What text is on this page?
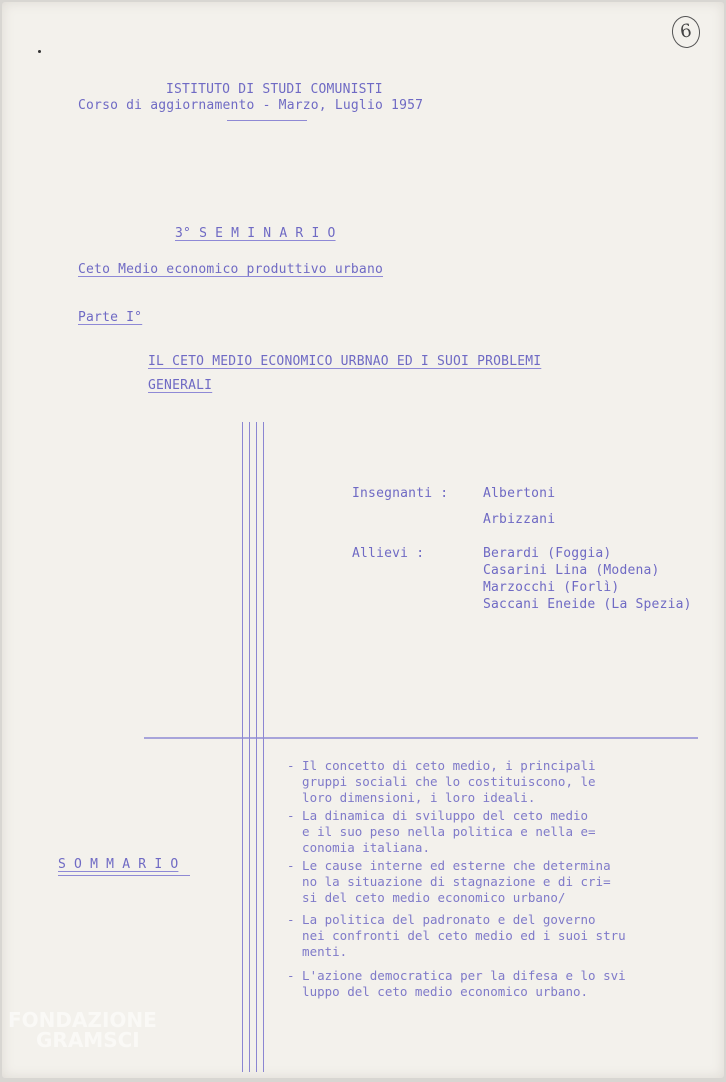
6
ISTITUTO DI STUDI COMUNISTI
Corso di aggiornamento - Marzo, Luglio 1957
3° S E M I N A R I O
Ceto Medio economico produttivo urbano
Parte I°
IL CETO MEDIO ECONOMICO URBNAO ED I SUOI PROBLEMI
GENERALI
Insegnanti :	Albertoni
Arbizzani
Allievi :	Berardi (Foggia)
Casarini Lina (Modena)
Marzocchi (Forlì)
Saccani Eneide (La Spezia)
S O M M A R I O
- Il concetto di ceto medio, i principali
gruppi sociali che lo costituiscono, le
loro dimensioni, i loro ideali.
- La dinamica di sviluppo del ceto medio
e il suo peso nella politica e nella e=
conomia italiana.
- Le cause interne ed esterne che determina
no la situazione di stagnazione e di cri=
si del ceto medio economico urbano/
- La politica del padronato e del governo
nei confronti del ceto medio ed i suoi stru
menti.
- L'azione democratica per la difesa e lo svi
luppo del ceto medio economico urbano.
FONDAZIONE
GRAMSCI
